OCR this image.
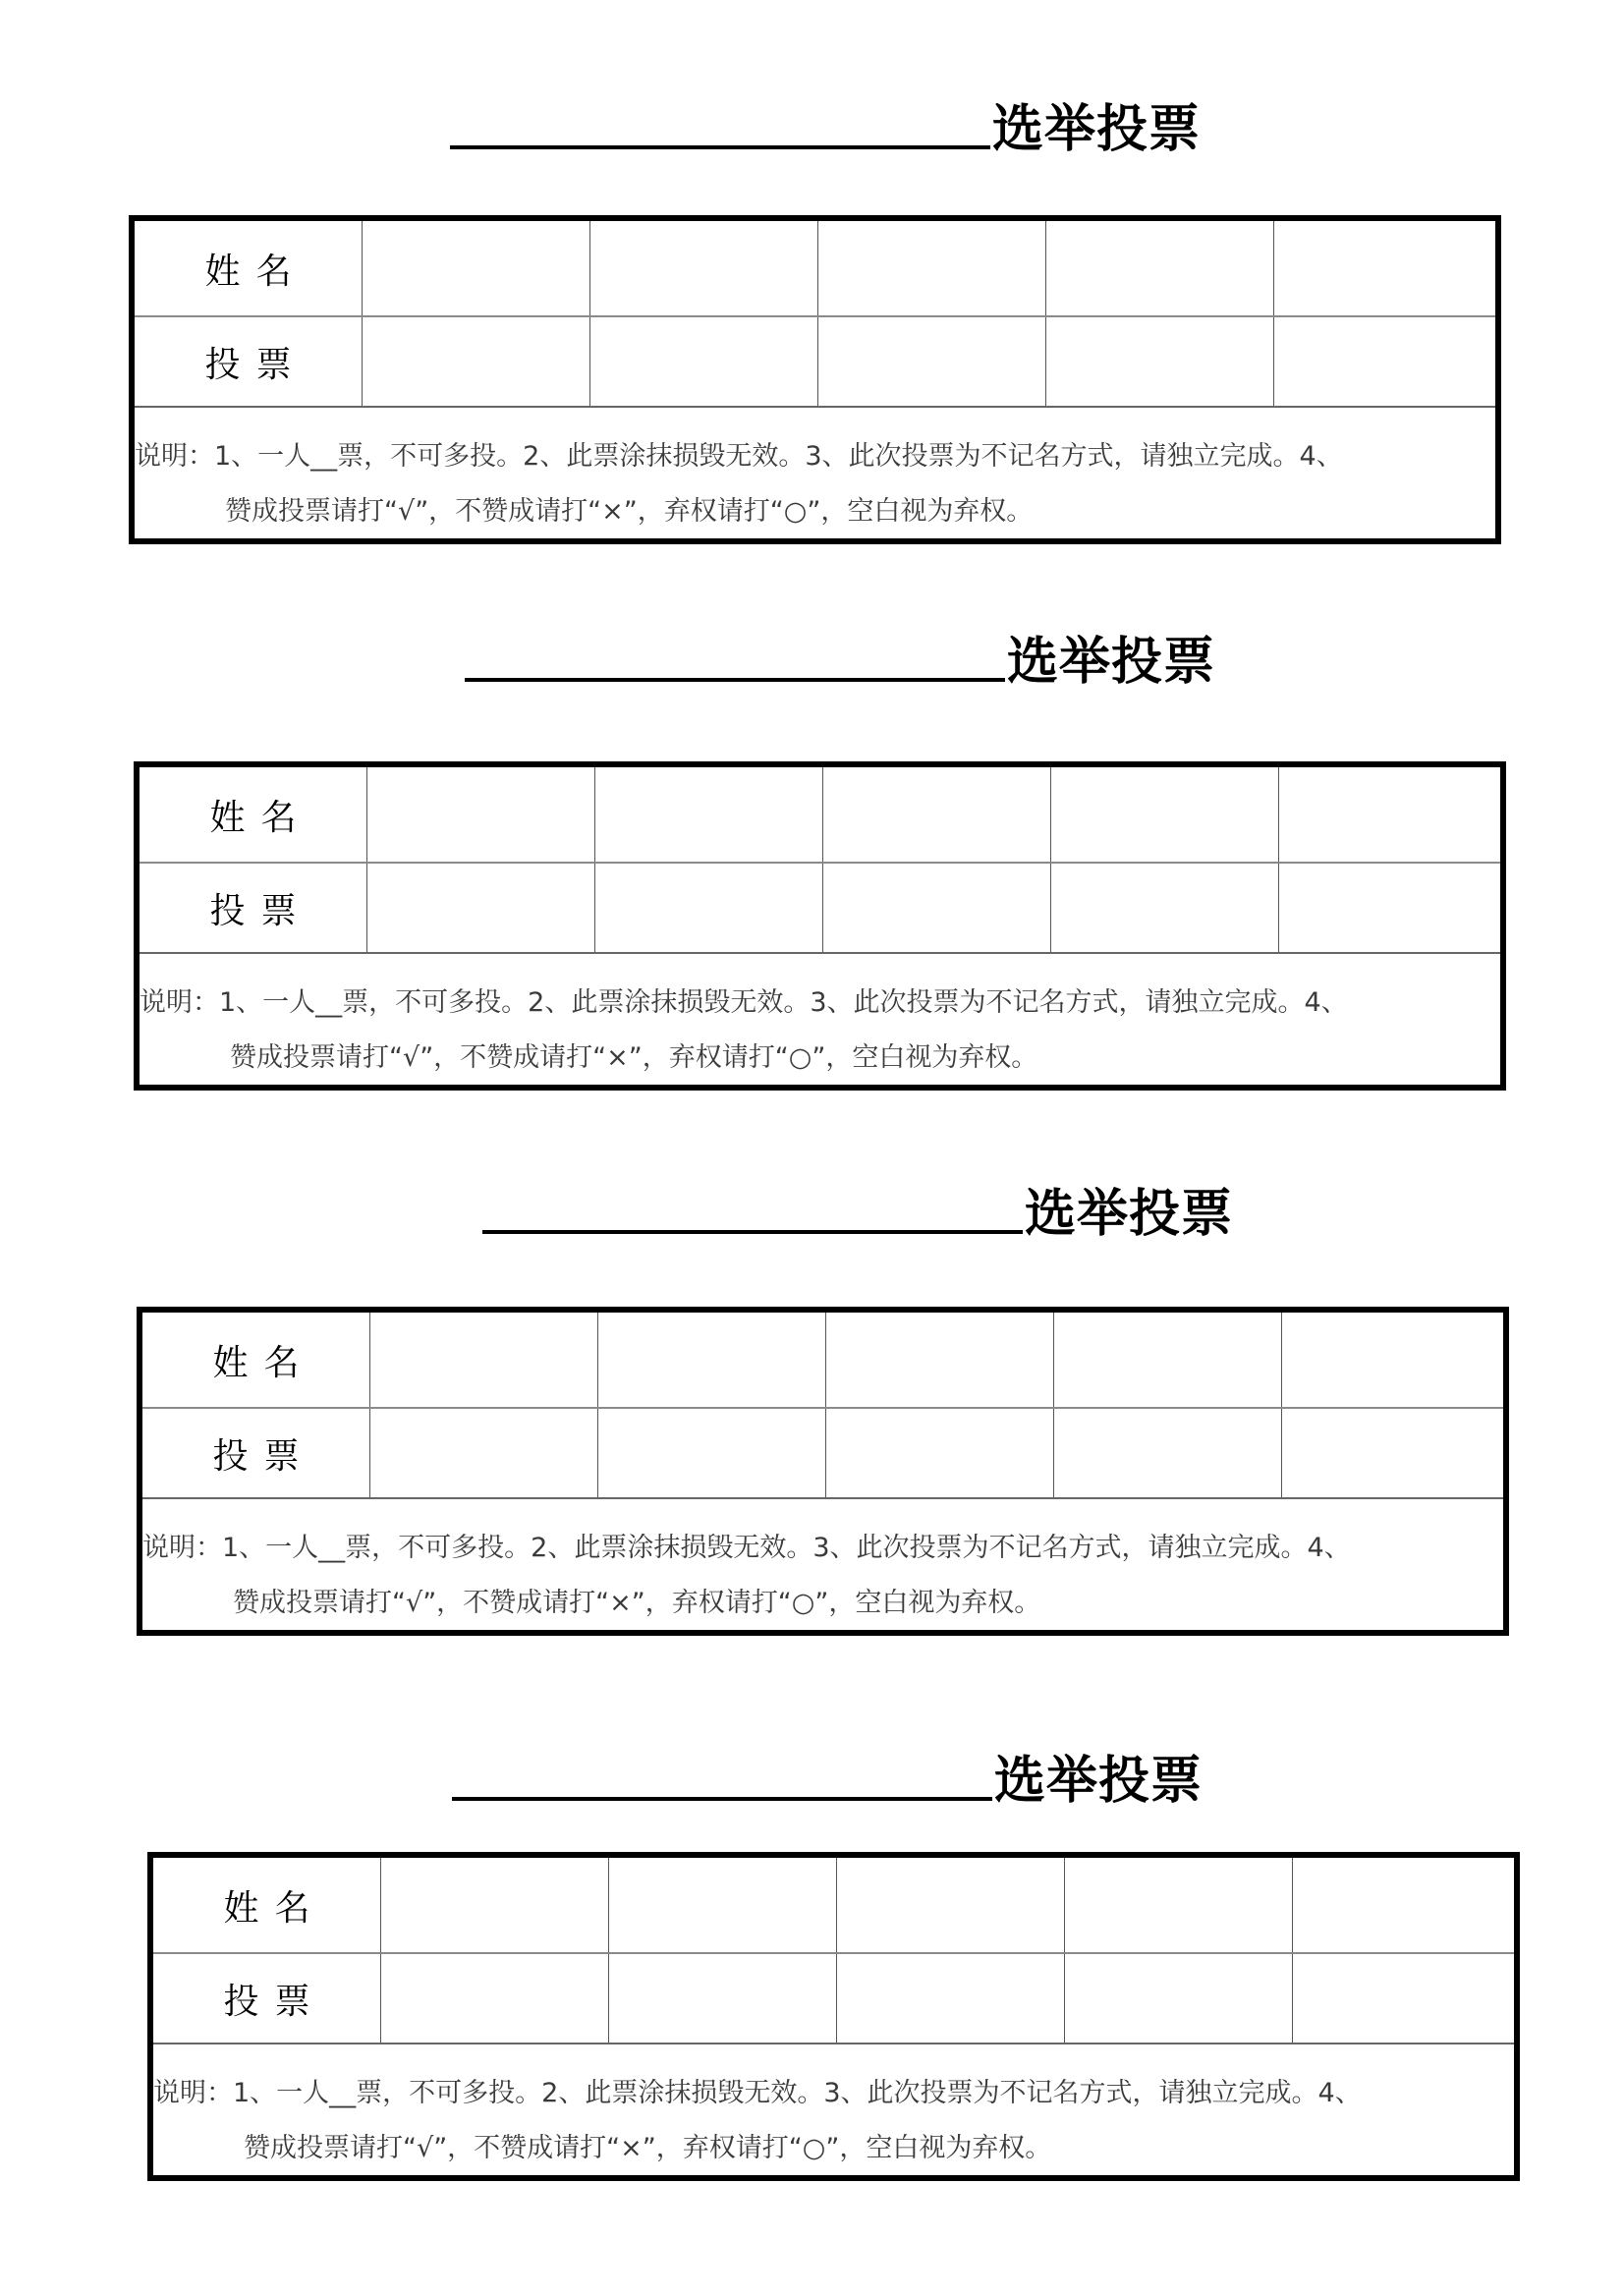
选举投票
姓名
投票
说明：1、一人__票，不可多投。2、此票涂抹损毁无效。3、此次投票为不记名方式，请独立完成。4、
赞成投票请打“√”，不赞成请打“×”，弃权请打“○”，空白视为弃权。
选举投票
姓名
投票
说明：1、一人__票，不可多投。2、此票涂抹损毁无效。3、此次投票为不记名方式，请独立完成。4、
赞成投票请打“√”，不赞成请打“×”，弃权请打“○”，空白视为弃权。
选举投票
姓名
投票
说明：1、一人__票，不可多投。2、此票涂抹损毁无效。3、此次投票为不记名方式，请独立完成。4、
赞成投票请打“√”，不赞成请打“×”，弃权请打“○”，空白视为弃权。
选举投票
姓名
投票
说明：1、一人__票，不可多投。2、此票涂抹损毁无效。3、此次投票为不记名方式，请独立完成。4、
赞成投票请打“√”，不赞成请打“×”，弃权请打“○”，空白视为弃权。
